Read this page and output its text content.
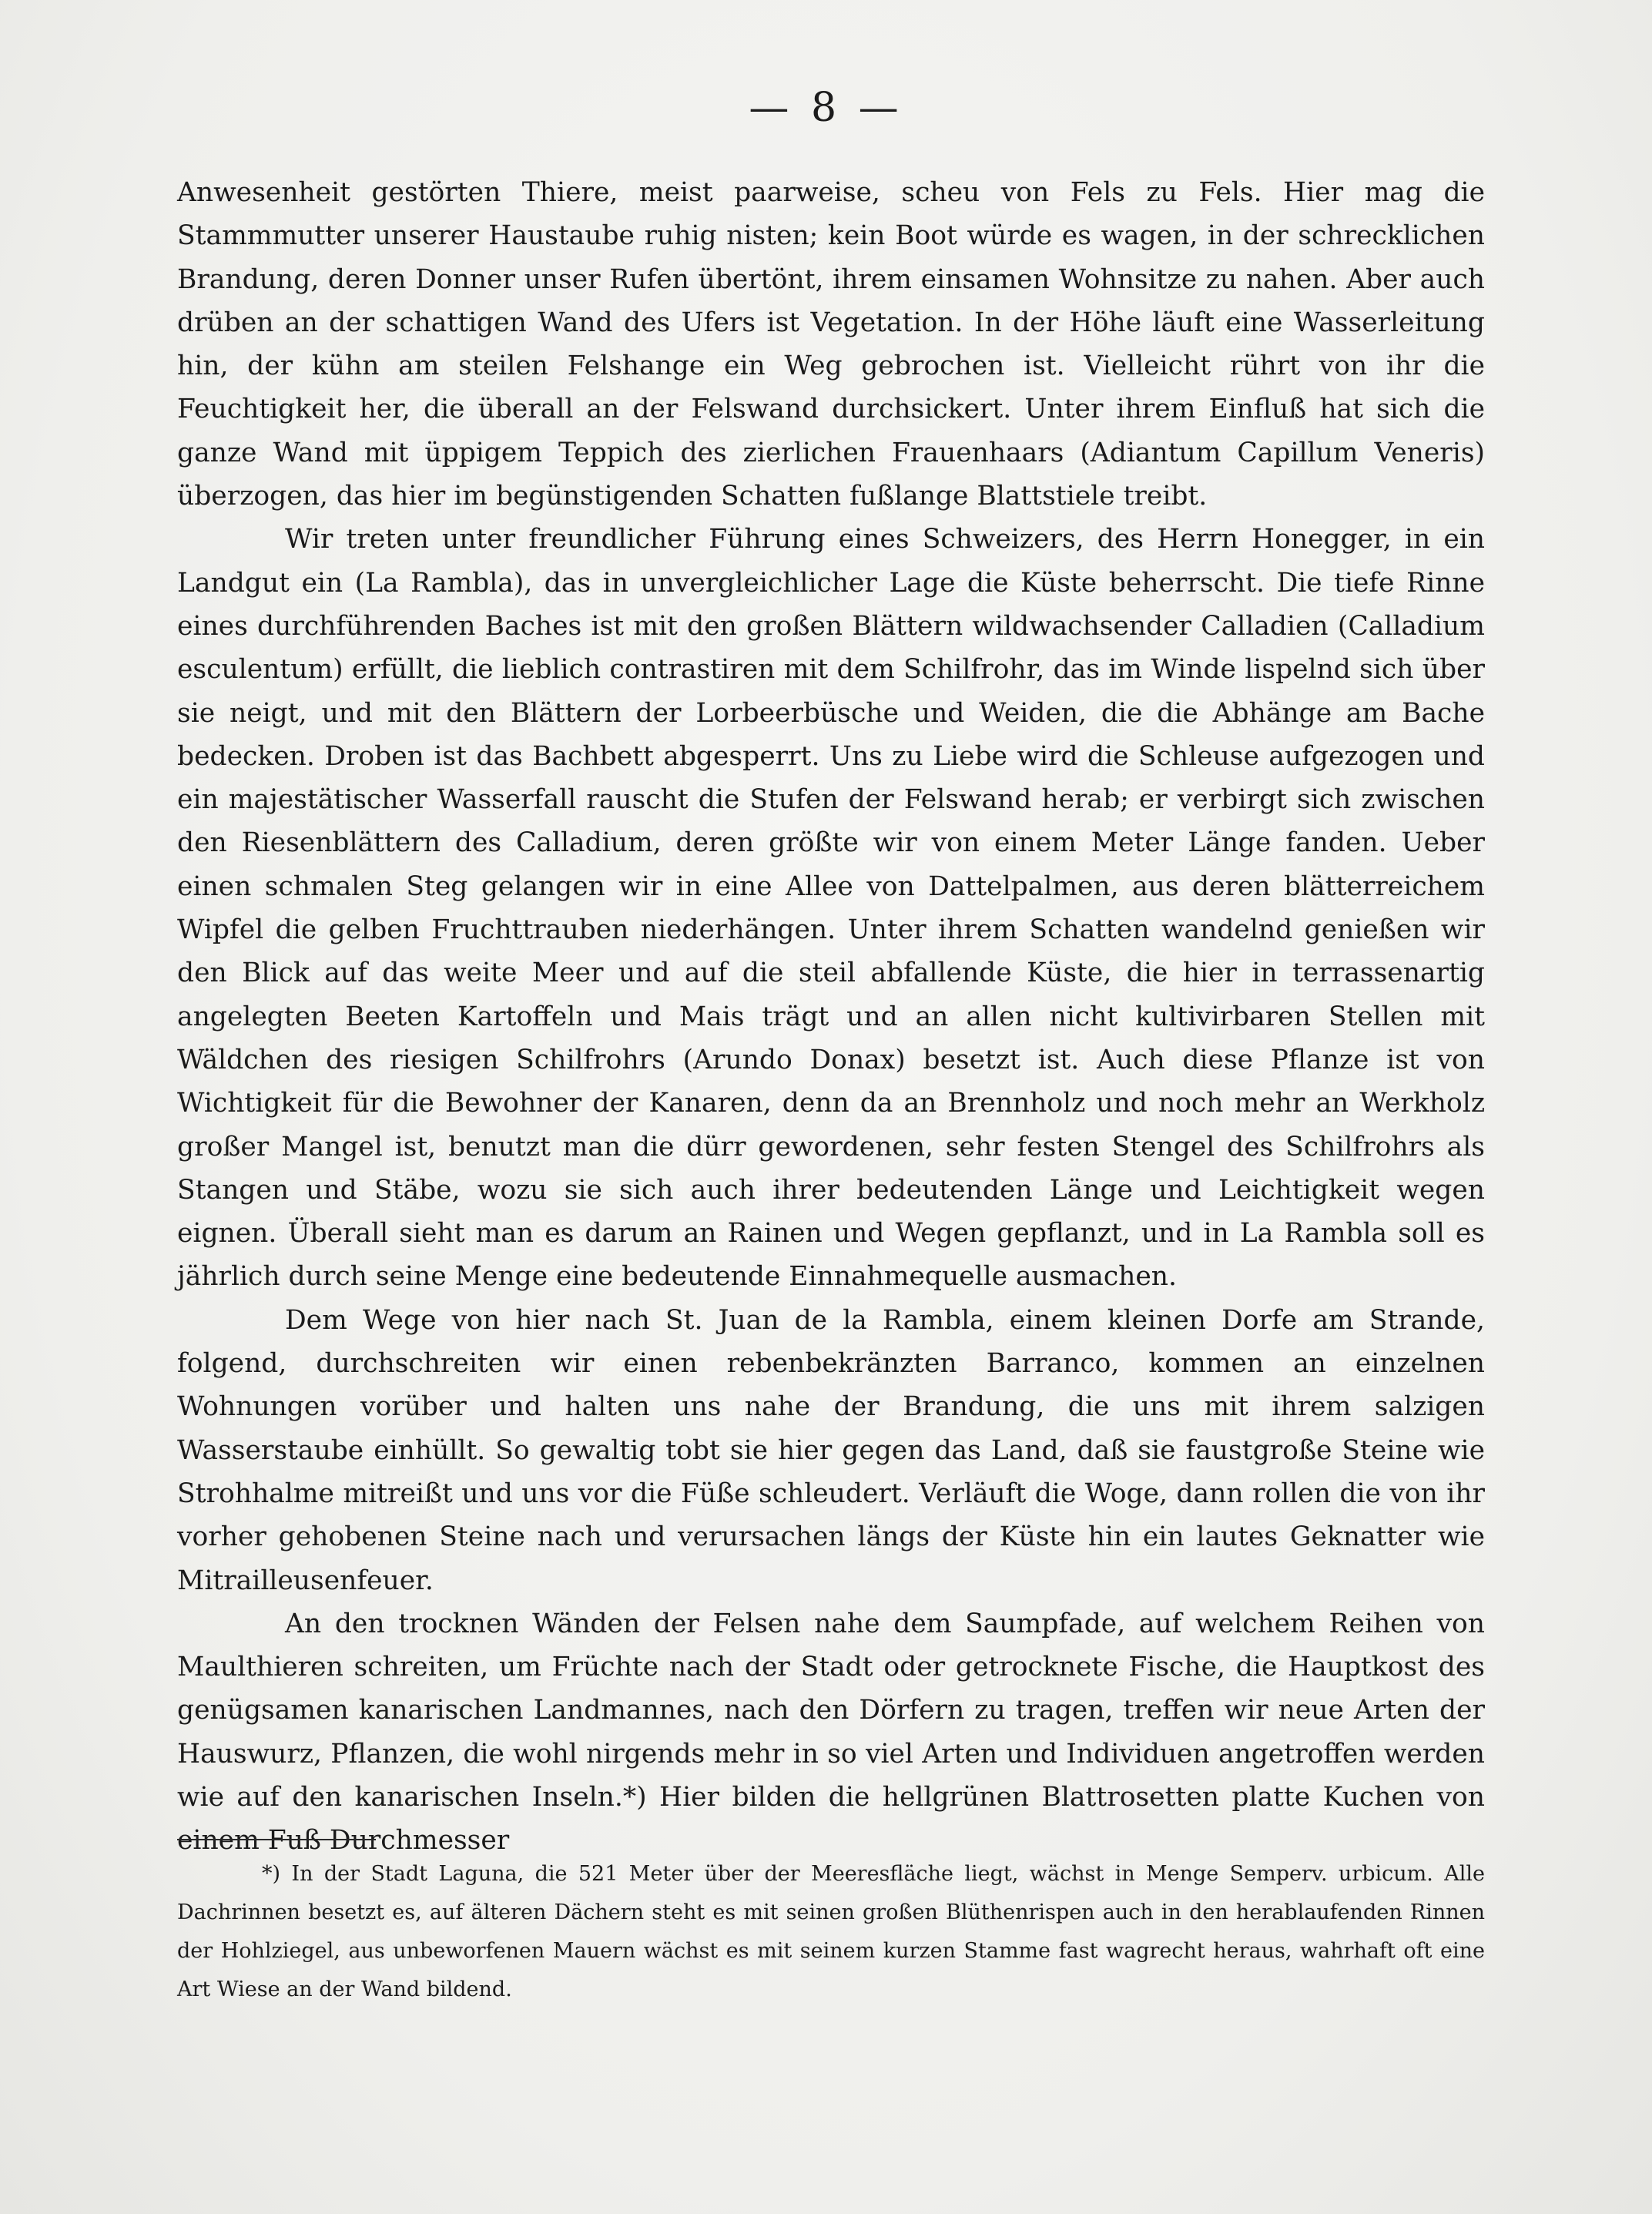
— 8 —

Anwesenheit gestörten Thiere, meist paarweise, scheu von Fels zu Fels. Hier mag die Stammmutter unserer Haustaube ruhig nisten; kein Boot würde es wagen, in der schrecklichen Brandung, deren Donner unser Rufen übertönt, ihrem einsamen Wohnsitze zu nahen. Aber auch drüben an der schattigen Wand des Ufers ist Vegetation. In der Höhe läuft eine Wasserleitung hin, der kühn am steilen Felshange ein Weg gebrochen ist. Vielleicht rührt von ihr die Feuchtigkeit her, die überall an der Felswand durchsickert. Unter ihrem Einfluß hat sich die ganze Wand mit üppigem Teppich des zierlichen Frauenhaars (Adiantum Capillum Veneris) überzogen, das hier im begünstigenden Schatten fußlange Blattstiele treibt.

Wir treten unter freundlicher Führung eines Schweizers, des Herrn Honegger, in ein Landgut ein (La Rambla), das in unvergleichlicher Lage die Küste beherrscht. Die tiefe Rinne eines durchführenden Baches ist mit den großen Blättern wildwachsender Calladien (Calladium esculentum) erfüllt, die lieblich contrastiren mit dem Schilfrohr, das im Winde lispelnd sich über sie neigt, und mit den Blättern der Lorbeerbüsche und Weiden, die die Abhänge am Bache bedecken. Droben ist das Bachbett abgesperrt. Uns zu Liebe wird die Schleuse aufgezogen und ein majestätischer Wasserfall rauscht die Stufen der Felswand herab; er verbirgt sich zwischen den Riesenblättern des Calladium, deren größte wir von einem Meter Länge fanden. Ueber einen schmalen Steg gelangen wir in eine Allee von Dattelpalmen, aus deren blätterreichem Wipfel die gelben Fruchttrauben niederhängen. Unter ihrem Schatten wandelnd genießen wir den Blick auf das weite Meer und auf die steil abfallende Küste, die hier in terrassenartig angelegten Beeten Kartoffeln und Mais trägt und an allen nicht kultivirbaren Stellen mit Wäldchen des riesigen Schilfrohrs (Arundo Donax) besetzt ist. Auch diese Pflanze ist von Wichtigkeit für die Bewohner der Kanaren, denn da an Brennholz und noch mehr an Werkholz großer Mangel ist, benutzt man die dürr gewordenen, sehr festen Stengel des Schilfrohrs als Stangen und Stäbe, wozu sie sich auch ihrer bedeutenden Länge und Leichtigkeit wegen eignen. Überall sieht man es darum an Rainen und Wegen gepflanzt, und in La Rambla soll es jährlich durch seine Menge eine bedeutende Einnahmequelle ausmachen.

Dem Wege von hier nach St. Juan de la Rambla, einem kleinen Dorfe am Strande, folgend, durchschreiten wir einen rebenbekränzten Barranco, kommen an einzelnen Wohnungen vorüber und halten uns nahe der Brandung, die uns mit ihrem salzigen Wasserstaube einhüllt. So gewaltig tobt sie hier gegen das Land, daß sie faustgroße Steine wie Strohhalme mitreißt und uns vor die Füße schleudert. Verläuft die Woge, dann rollen die von ihr vorher gehobenen Steine nach und verursachen längs der Küste hin ein lautes Geknatter wie Mitrailleusenfeuer.

An den trocknen Wänden der Felsen nahe dem Saumpfade, auf welchem Reihen von Maulthieren schreiten, um Früchte nach der Stadt oder getrocknete Fische, die Hauptkost des genügsamen kanarischen Landmannes, nach den Dörfern zu tragen, treffen wir neue Arten der Hauswurz, Pflanzen, die wohl nirgends mehr in so viel Arten und Individuen angetroffen werden wie auf den kanarischen Inseln.*) Hier bilden die hellgrünen Blattrosetten platte Kuchen von einem Fuß Durchmesser

*) In der Stadt Laguna, die 521 Meter über der Meeresfläche liegt, wächst in Menge Semperv. urbicum. Alle Dachrinnen besetzt es, auf älteren Dächern steht es mit seinen großen Blüthenrispen auch in den herablaufenden Rinnen der Hohlziegel, aus unbeworfenen Mauern wächst es mit seinem kurzen Stamme fast wagrecht heraus, wahrhaft oft eine Art Wiese an der Wand bildend.
